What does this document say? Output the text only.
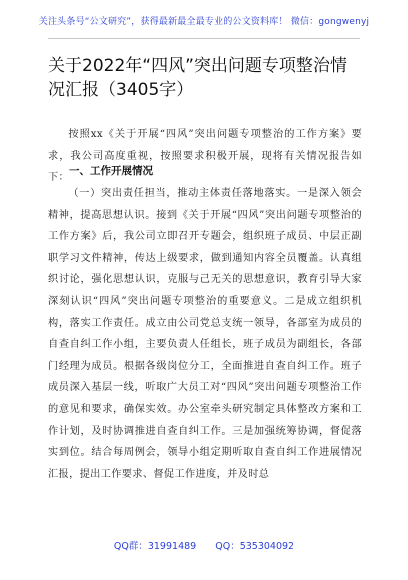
关注头条号“公文研究”，获得最新最全最专业的公文资料库！ 微信：gongwenyj
关于2022年“四风”突出问题专项整治情况汇报（3405字）

按照xx《关于开展“四风”突出问题专项整治的工作方案》要求，我公司高度重视，按照要求积极开展，现将有关情况报告如下：

一、工作开展情况

（一）突出责任担当，推动主体责任落地落实。一是深入领会精神，提高思想认识。接到《关于开展“四风”突出问题专项整治的工作方案》后，我公司立即召开专题会，组织班子成员、中层正副职学习文件精神，传达上级要求，做到通知内容全员覆盖。认真组织讨论，强化思想认识，克服与己无关的思想意识，教育引导大家深刻认识“四风”突出问题专项整治的重要意义。二是成立组织机构，落实工作责任。成立由公司党总支统一领导，各部室为成员的自查自纠工作小组，主要负责人任组长，班子成员为副组长，各部门经理为成员。根据各级岗位分工，全面推进自查自纠工作。班子成员深入基层一线，听取广大员工对“四风”突出问题专项整治工作的意见和要求，确保实效。办公室牵头研究制定具体整改方案和工作计划，及时协调推进自查自纠工作。三是加强统筹协调，督促落实到位。结合每周例会，领导小组定期听取自查自纠工作进展情况汇报，提出工作要求、督促工作进度，并及时总

QQ群：31991489 QQ：535304092
